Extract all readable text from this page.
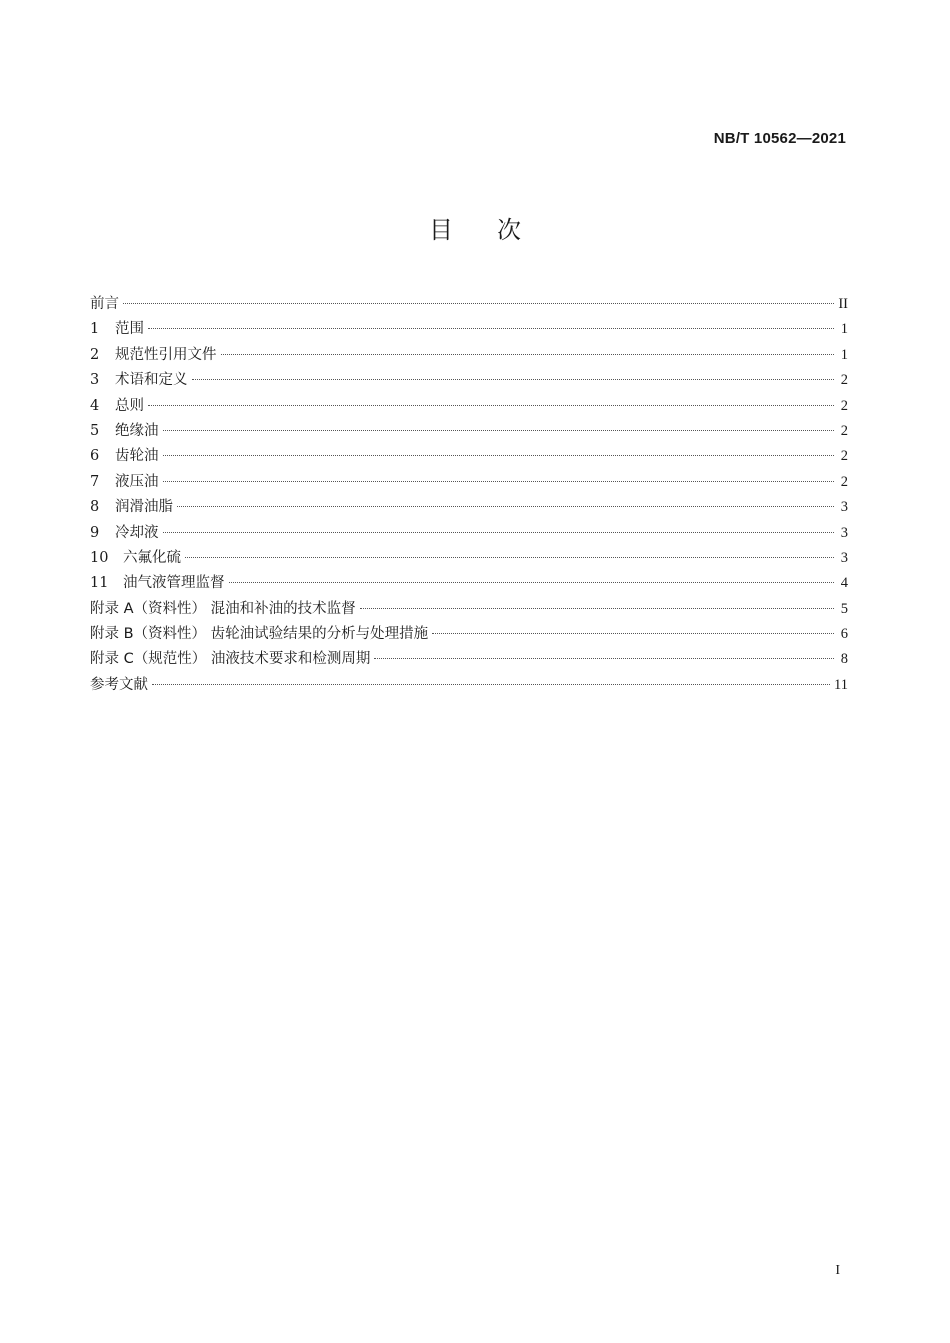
NB/T 10562—2021
目次
前言	II
1	范围	1
2	规范性引用文件	1
3	术语和定义	2
4	总则	2
5	绝缘油	2
6	齿轮油	2
7	液压油	2
8	润滑油脂	3
9	冷却液	3
10	六氟化硫	3
11	油气液管理监督	4
附录 A（资料性） 混油和补油的技术监督	5
附录 B（资料性） 齿轮油试验结果的分析与处理措施	6
附录 C（规范性） 油液技术要求和检测周期	8
参考文献	11
I
